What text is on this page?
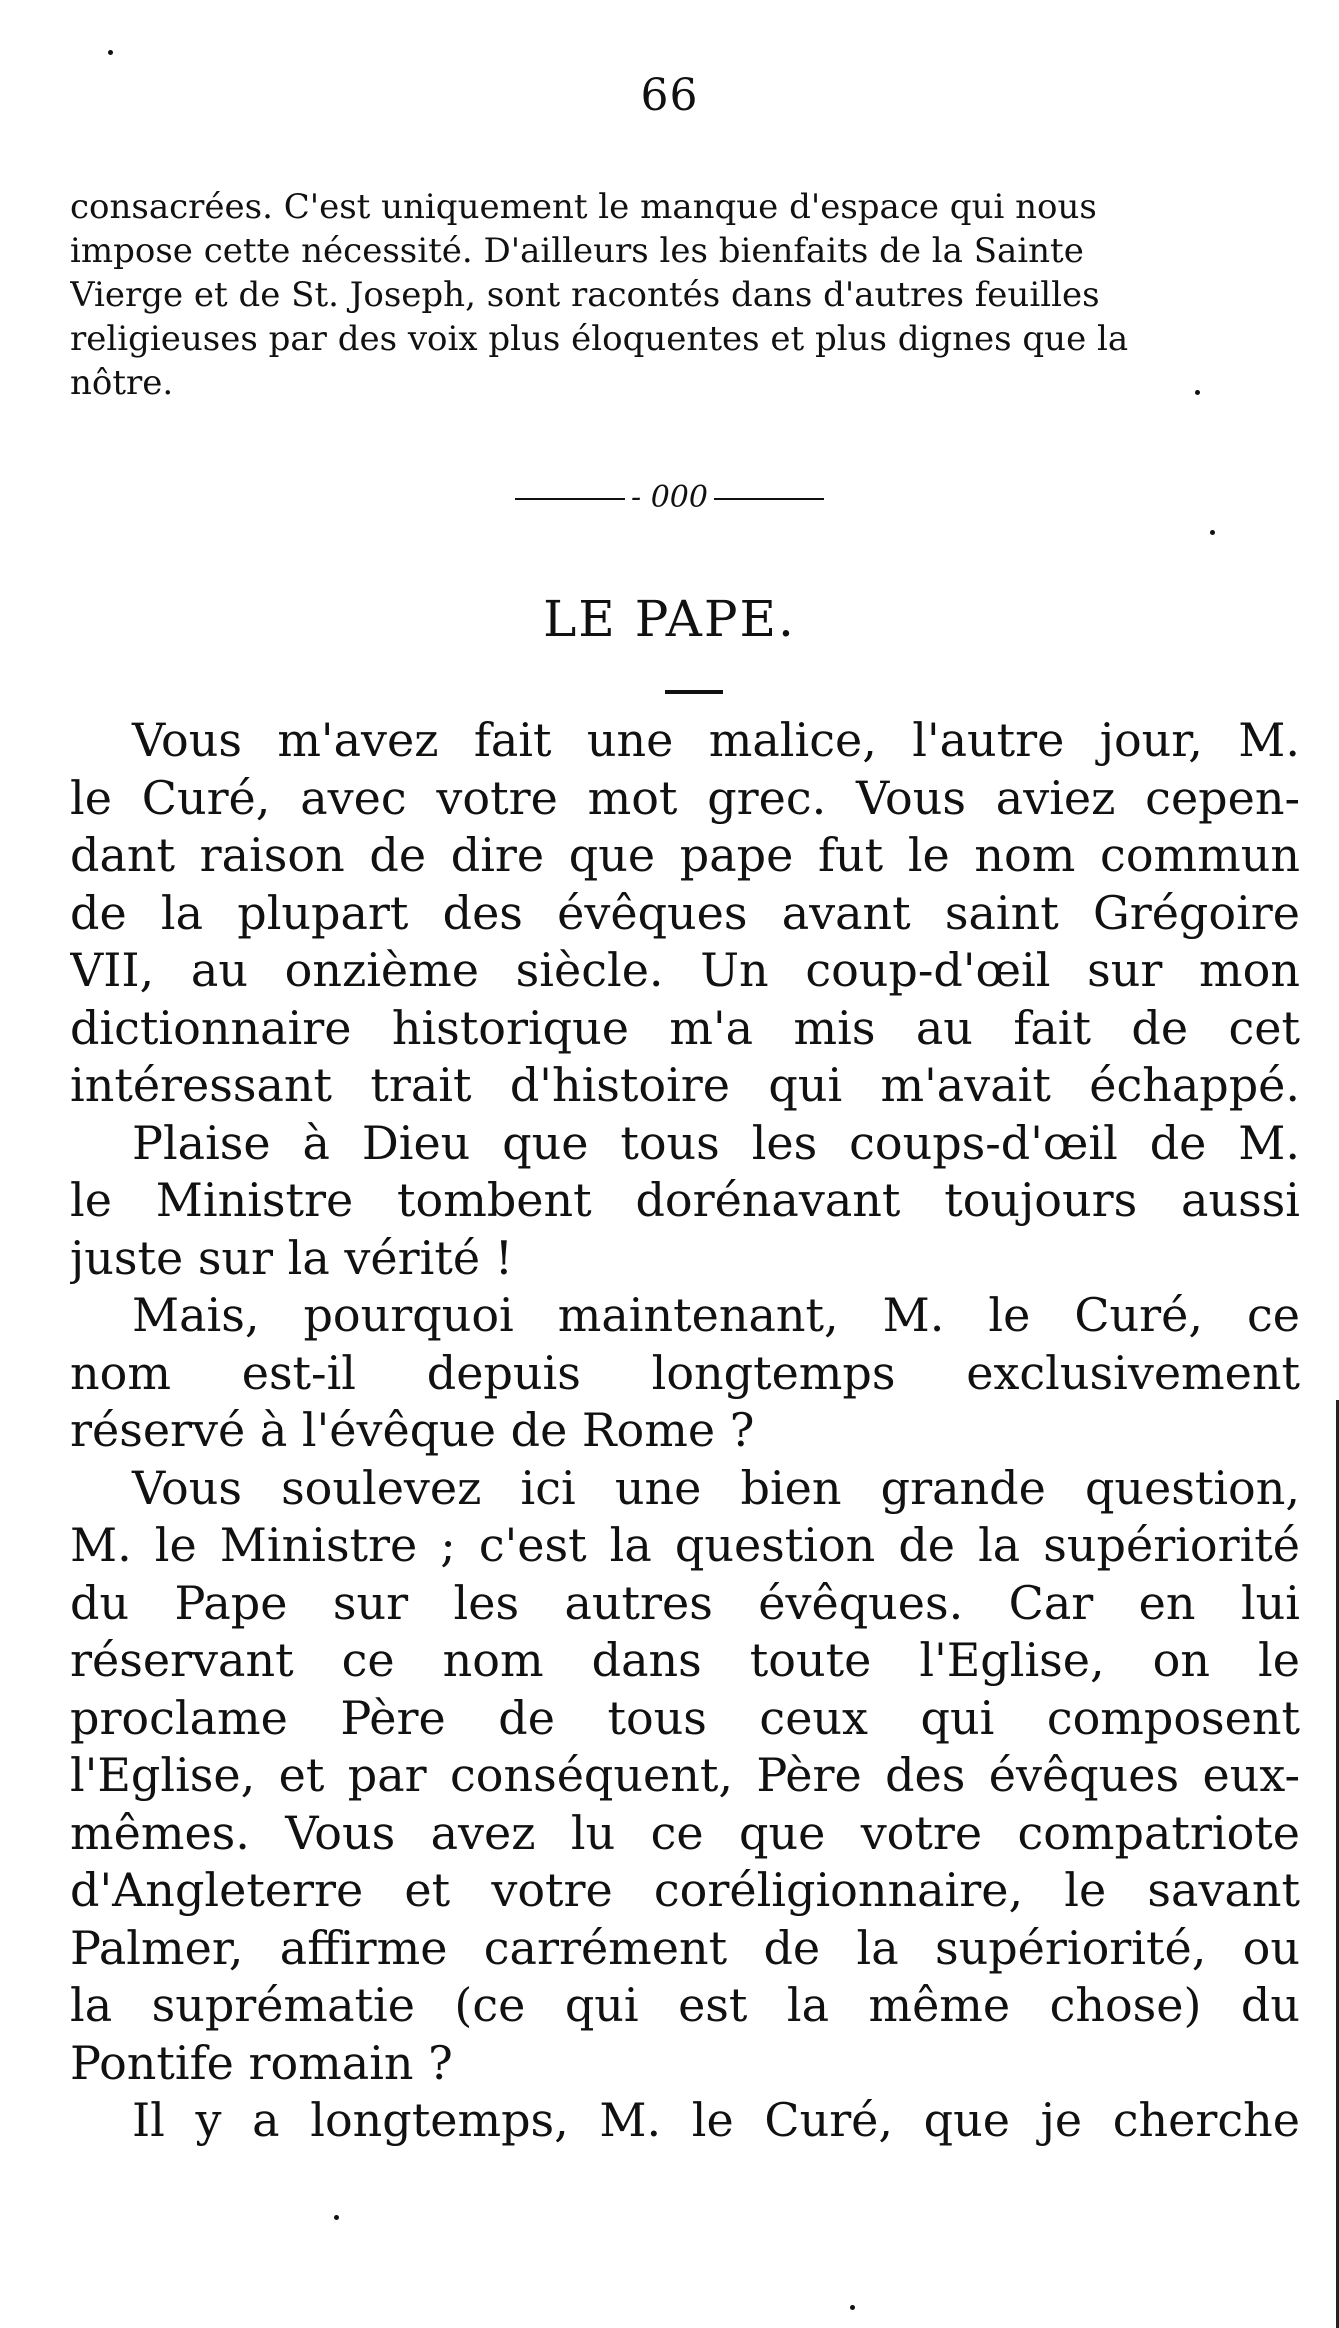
66
consacrées. C'est uniquement le manque d'espace qui nous
impose cette nécessité. D'ailleurs les bienfaits de la Sainte
Vierge et de St. Joseph, sont racontés dans d'autres feuilles
religieuses par des voix plus éloquentes et plus dignes que la
nôtre.
- 000
LE PAPE.
Vous m'avez fait une malice, l'autre jour, M.
le Curé, avec votre mot grec. Vous aviez cepen-
dant raison de dire que pape fut le nom commun
de la plupart des évêques avant saint Grégoire
VII, au onzième siècle. Un coup-d'œil sur mon
dictionnaire historique m'a mis au fait de cet
intéressant trait d'histoire qui m'avait échappé.
Plaise à Dieu que tous les coups-d'œil de M.
le Ministre tombent dorénavant toujours aussi
juste sur la vérité !
Mais, pourquoi maintenant, M. le Curé, ce
nom est-il depuis longtemps exclusivement
réservé à l'évêque de Rome ?
Vous soulevez ici une bien grande question,
M. le Ministre ; c'est la question de la supériorité
du Pape sur les autres évêques. Car en lui
réservant ce nom dans toute l'Eglise, on le
proclame Père de tous ceux qui composent
l'Eglise, et par conséquent, Père des évêques eux-
mêmes. Vous avez lu ce que votre compatriote
d'Angleterre et votre coréligionnaire, le savant
Palmer, affirme carrément de la supériorité, ou
la suprématie (ce qui est la même chose) du
Pontife romain ?
Il y a longtemps, M. le Curé, que je cherche
